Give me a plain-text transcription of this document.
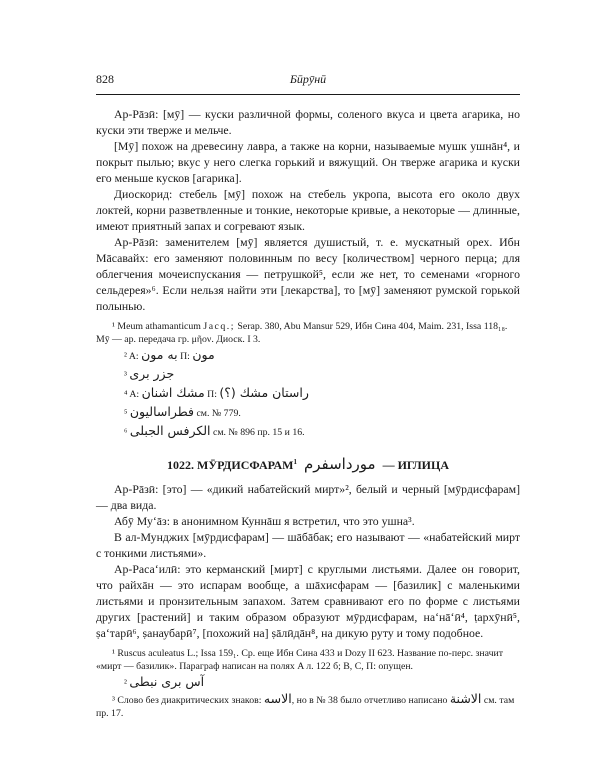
828	Бӣрӯнӣ

Ар-Рāзӣ: [мӯ] — куски различной формы, соленого вкуса и цвета агарика, но куски эти тверже и мельче.

[Мӯ] похож на древесину лавра, а также на корни, называемые мушк ушнāн⁴, и покрыт пылью; вкус у него слегка горький и вяжущий. Он тверже агарика и куски его меньше кусков [агарика].

Диоскорид: стебель [мӯ] похож на стебель укропа, высота его около двух локтей, корни разветвленные и тонкие, некоторые кривые, а некоторые — длинные, имеют приятный запах и согревают язык.

Ар-Рāзӣ: заменителем [мӯ] является душистый, т. е. мускатный орех. Ибн Мāсавайх: его заменяют половинным по весу [количеством] черного перца; для облегчения мочеиспускания — петрушкой⁵, если же нет, то семенами «горного сельдерея»⁶. Если нельзя найти эти [лекарства], то [мӯ] заменяют румской горькой полынью.

¹ Meum athamanticum Jacq.; Serap. 380, Abu Mansur 529, Ибн Сина 404, Maim. 231, Issa 118₁₈. Мӯ — ар. передача гр. μῆον. Диоск. I 3.
² A: به مون П: مون
³ جزر برى
⁴ A: مشك اشنان П: راستان مشك (؟)
⁵ فطراساليون см. № 779.
⁶ الكرفس الجبلى см. № 896 пр. 15 и 16.
1022. МӮРДИСФАРАМ$^1$ مورداسفرم — ИГЛИЦА

Ар-Рāзӣ: [это] — «дикий набатейский мирт»², белый и черный [мӯрдисфарам] — два вида.

Абӯ Му‘āз: в анонимном Куннāш я встретил, что это ушна³.

В ал-Мунджих [мӯрдисфарам] — шāбāбак; его называют — «набатейский мирт с тонкими листьями».

Ар-Раса‘илӣ: это керманский [мирт] с круглыми листьями. Далее он говорит, что райхāн — это испарам вообще, а шāхисфарам — [базилик] с маленькими листьями и пронзительным запахом. Затем сравнивают его по форме с листьями других [растений] и таким образом образуют мӯрдисфарам, на‘нā‘ӣ⁴, ṭархӯнӣ⁵, ṣа‘тарӣ⁶, ṣанаубарӣ⁷, [похожий на] ṣāлӣдāн⁸, на дикую руту и тому подобное.

¹ Ruscus aculeatus L.; Issa 159₁. Ср. еще Ибн Сина 433 и Dozy II 623. Название по-перс. значит «мирт — базилик». Параграф написан на полях A л. 122 б; B, C, П: опущен.
² آس برى نبطى
³ Слово без диакритических знаков: الاسه, но в № 38 было отчетливо написано الاشنة см. там пр. 17.
